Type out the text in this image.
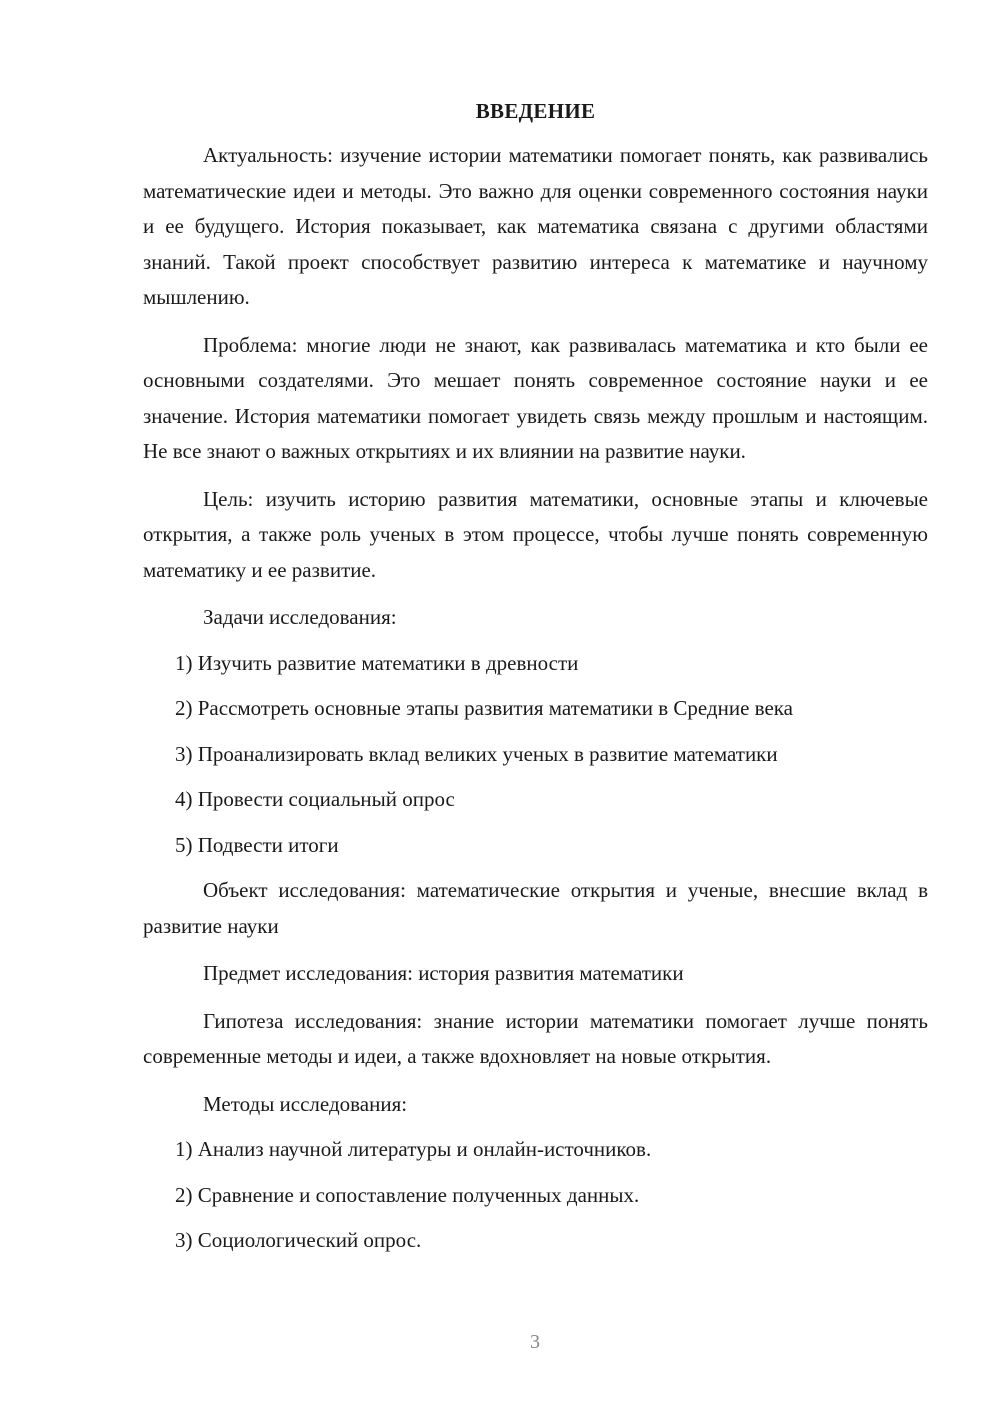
ВВЕДЕНИЕ

Актуальность: изучение истории математики помогает понять, как развивались математические идеи и методы. Это важно для оценки современного состояния науки и ее будущего. История показывает, как математика связана с другими областями знаний. Такой проект способствует развитию интереса к математике и научному мышлению.

Проблема: многие люди не знают, как развивалась математика и кто были ее основными создателями. Это мешает понять современное состояние науки и ее значение. История математики помогает увидеть связь между прошлым и настоящим. Не все знают о важных открытиях и их влиянии на развитие науки.

Цель: изучить историю развития математики, основные этапы и ключевые открытия, а также роль ученых в этом процессе, чтобы лучше понять современную математику и ее развитие.

Задачи исследования:
1) Изучить развитие математики в древности
2) Рассмотреть основные этапы развития математики в Средние века
3) Проанализировать вклад великих ученых в развитие математики
4) Провести социальный опрос
5) Подвести итоги

Объект исследования: математические открытия и ученые, внесшие вклад в развитие науки

Предмет исследования: история развития математики

Гипотеза исследования: знание истории математики помогает лучше понять современные методы и идеи, а также вдохновляет на новые открытия.

Методы исследования:
1) Анализ научной литературы и онлайн-источников.
2) Сравнение и сопоставление полученных данных.
3) Социологический опрос.
3
